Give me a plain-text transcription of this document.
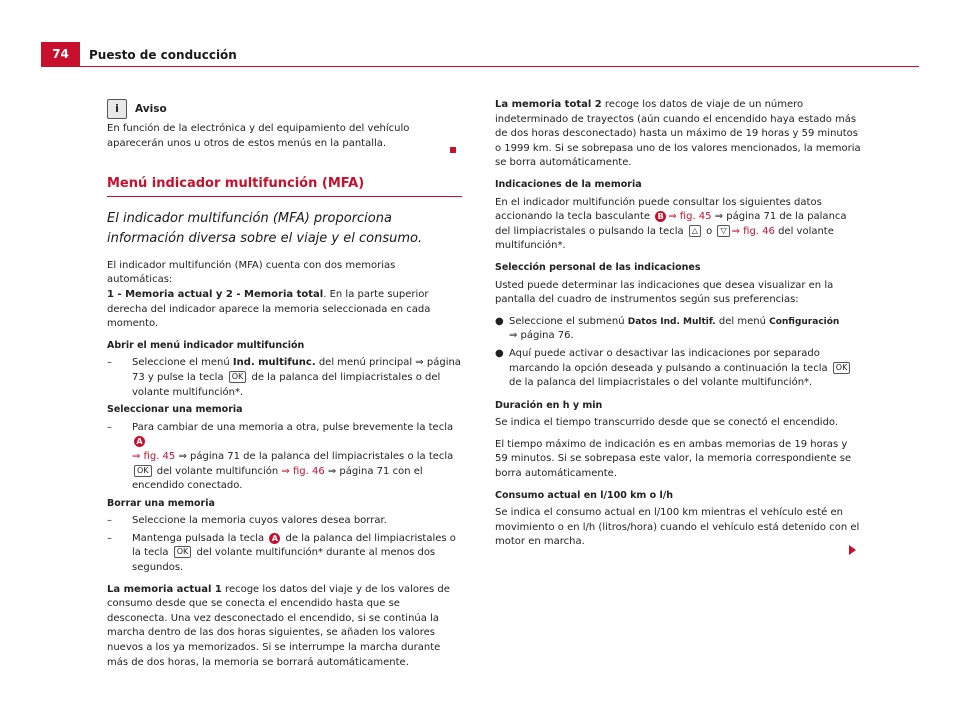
74	Puesto de conducción
i	Aviso

En función de la electrónica y del equipamiento del vehículo aparecerán unos u otros de estos menús en la pantalla.

Menú indicador multifunción (MFA)
El indicador multifunción (MFA) proporciona información diversa sobre el viaje y el consumo.

El indicador multifunción (MFA) cuenta con dos memorias automáticas:
1 - Memoria actual y 2 - Memoria total. En la parte superior derecha del indicador aparece la memoria seleccionada en cada momento.

Abrir el menú indicador multifunción
–	Seleccione el menú Ind. multifunc. del menú principal ⇒ página 73 y pulse la tecla OK de la palanca del limpiacristales o del volante multifunción*.
Seleccionar una memoria
–	Para cambiar de una memoria a otra, pulse brevemente la tecla A
⇒ fig. 45 ⇒ página 71 de la palanca del limpiacristales o la tecla OK del volante multifunción ⇒ fig. 46 ⇒ página 71 con el encendido conectado.
Borrar una memoria
–	Seleccione la memoria cuyos valores desea borrar.
–	Mantenga pulsada la tecla A de la palanca del limpiacristales o la tecla OK del volante multifunción* durante al menos dos segundos.

La memoria actual 1 recoge los datos del viaje y de los valores de consumo desde que se conecta el encendido hasta que se desconecta. Una vez desconectado el encendido, si se continúa la marcha dentro de las dos horas siguientes, se añaden los valores nuevos a los ya memorizados. Si se interrumpe la marcha durante más de dos horas, la memoria se borrará automáticamente.

La memoria total 2 recoge los datos de viaje de un número indeterminado de trayectos (aún cuando el encendido haya estado más de dos horas desconectado) hasta un máximo de 19 horas y 59 minutos o 1999 km. Si se sobrepasa uno de los valores mencionados, la memoria se borra automáticamente.

Indicaciones de la memoria

En el indicador multifunción puede consultar los siguientes datos accionando la tecla basculante B ⇒ fig. 45 ⇒ página 71 de la palanca del limpiacristales o pulsando la tecla △ o ▽ ⇒ fig. 46 del volante multifunción*.

Selección personal de las indicaciones

Usted puede determinar las indicaciones que desea visualizar en la pantalla del cuadro de instrumentos según sus preferencias:

● Seleccione el submenú Datos Ind. Multif. del menú Configuración
⇒ página 76.
● Aquí puede activar o desactivar las indicaciones por separado marcando la opción deseada y pulsando a continuación la tecla OK de la palanca del limpiacristales o del volante multifunción*.
Duración en h y min

Se indica el tiempo transcurrido desde que se conectó el encendido.

El tiempo máximo de indicación es en ambas memorias de 19 horas y 59 minutos. Si se sobrepasa este valor, la memoria correspondiente se borra automáticamente.

Consumo actual en l/100 km o l/h

Se indica el consumo actual en l/100 km mientras el vehículo esté en movimiento o en l/h (litros/hora) cuando el vehículo está detenido con el motor en marcha.
